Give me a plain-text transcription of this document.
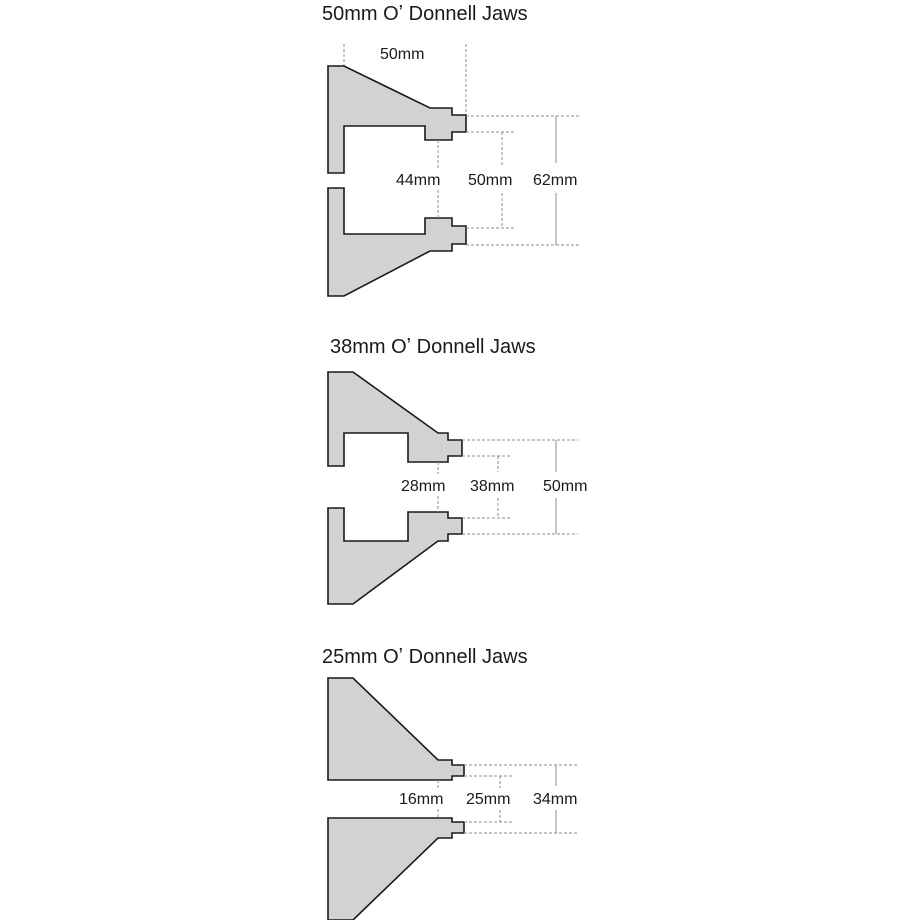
50mm Oʼ Donnell Jaws
50mm
44mm 50mm 62mm
38mm Oʼ Donnell Jaws
28mm 38mm 50mm
25mm Oʼ Donnell Jaws
16mm 25mm 34mm
